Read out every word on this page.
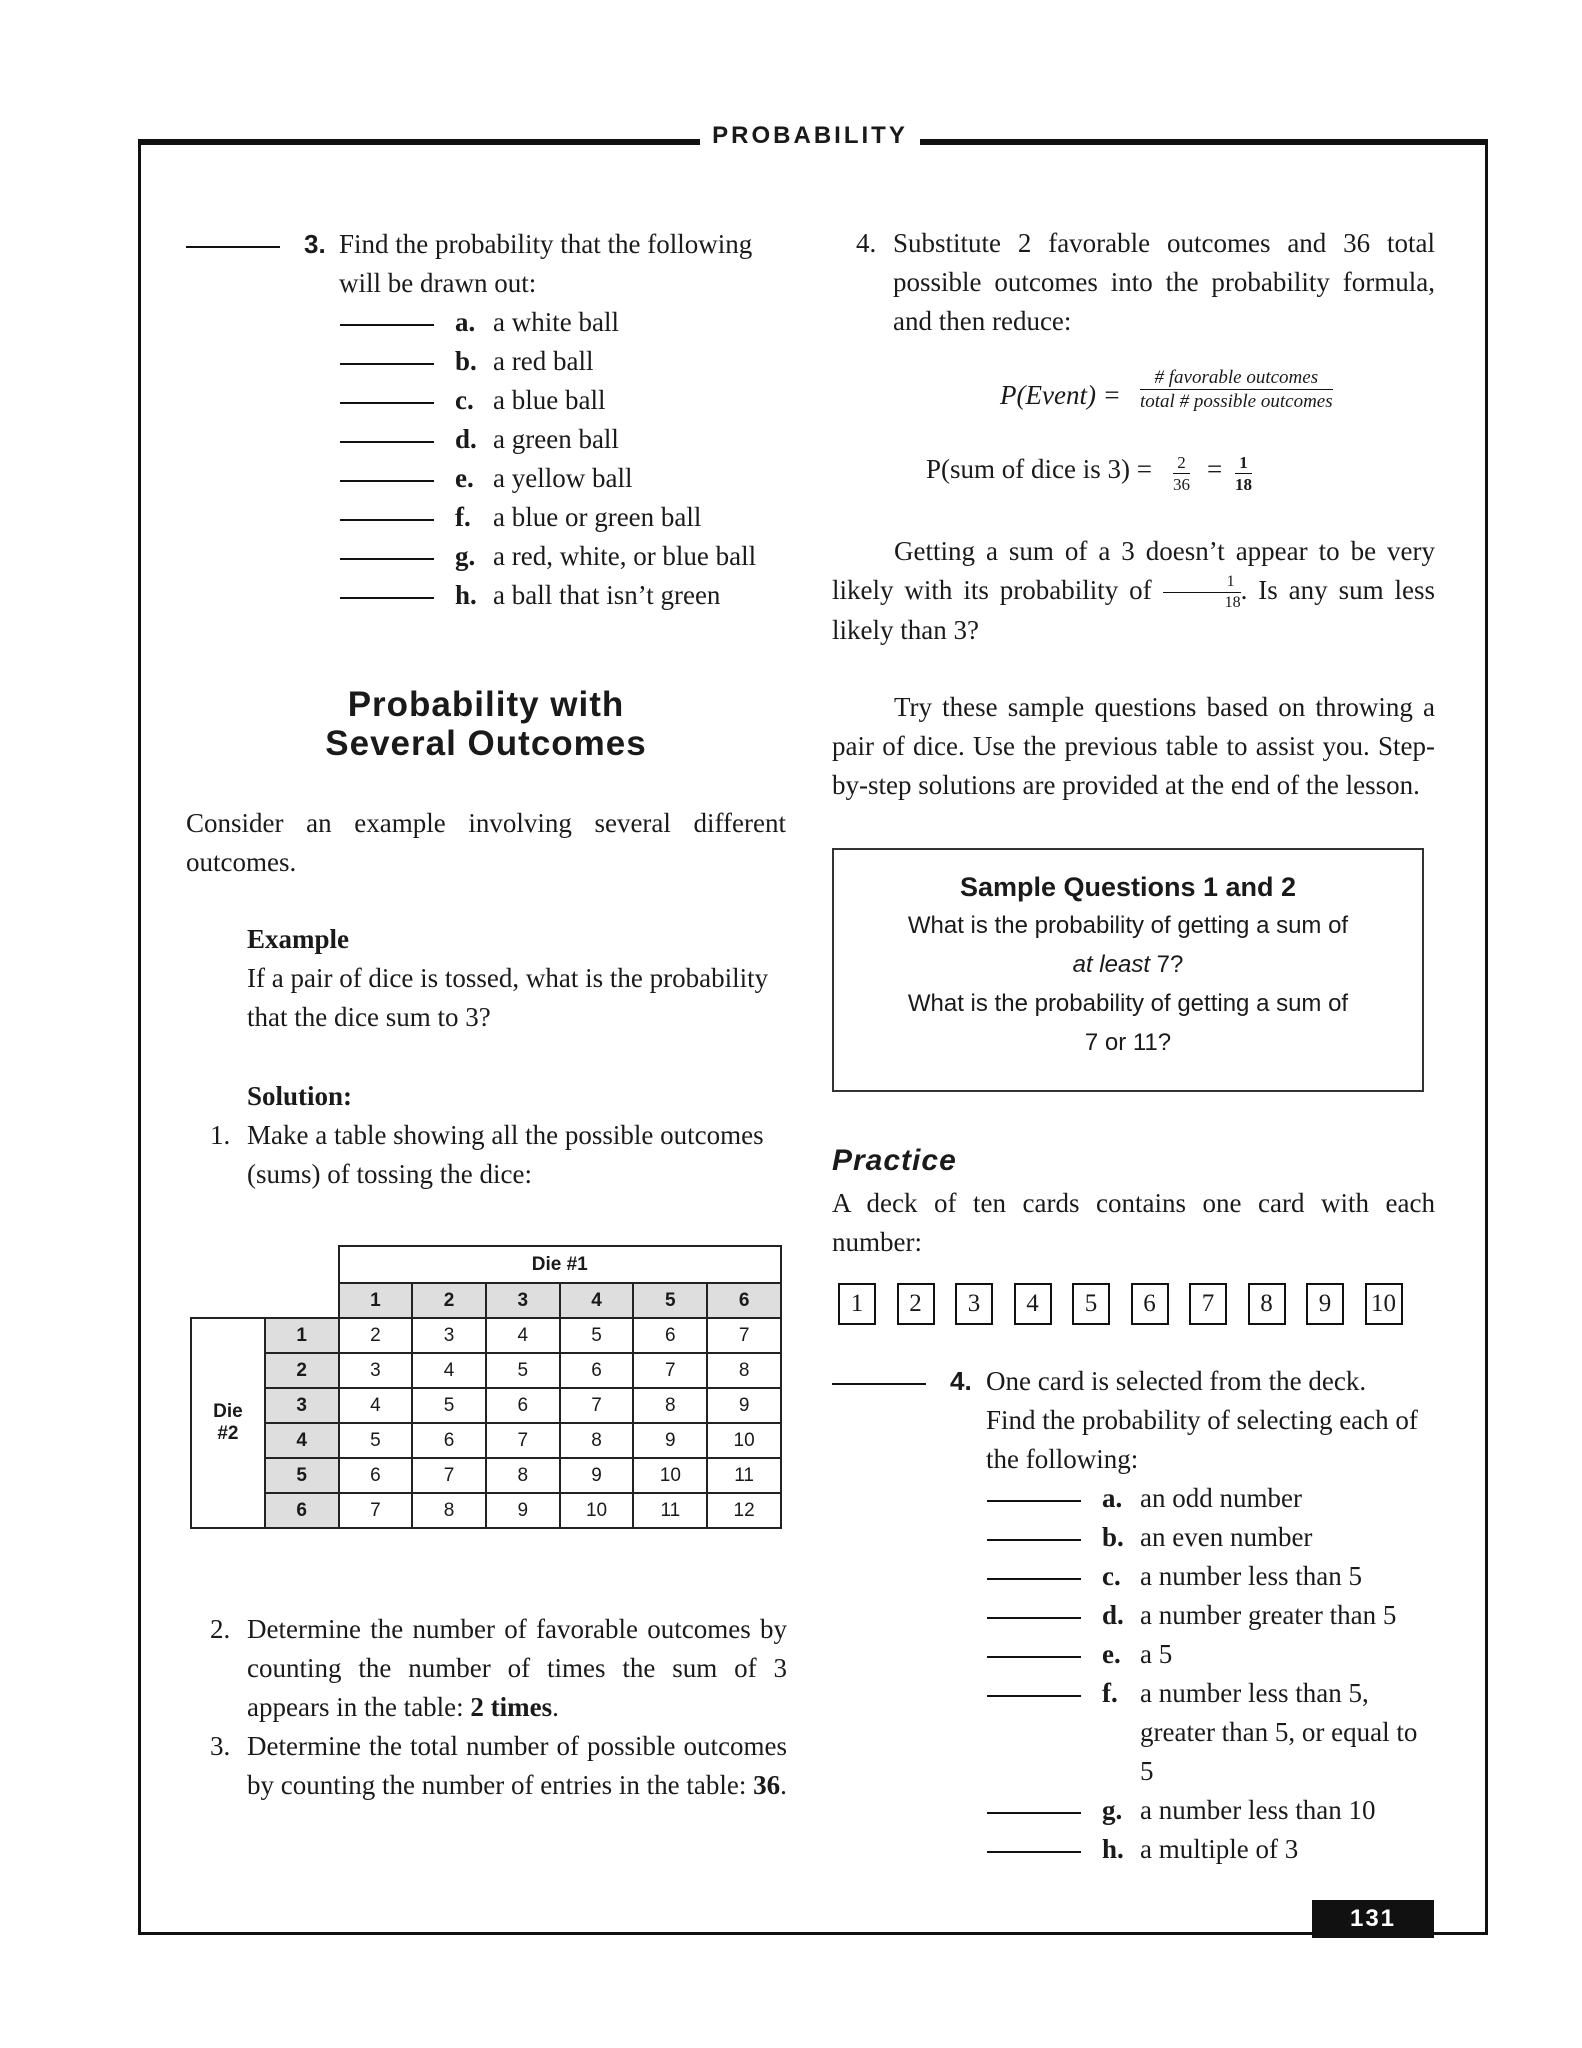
PROBABILITY
3. Find the probability that the following
will be drawn out:
a. a white ball
b. a red ball
c. a blue ball
d. a green ball
e. a yellow ball
f. a blue or green ball
g. a red, white, or blue ball
h. a ball that isn’t green
Probability with
Several Outcomes
Consider an example involving several different outcomes.
Example
If a pair of dice is tossed, what is the probability that the dice sum to 3?
Solution:
1. Make a table showing all the possible outcomes (sums) of tossing the dice:
		Die #1					
		1	2	3	4	5	6

Die
#2	1	2	3	4	5	6	7
	2	3	4	5	6	7	8
	3	4	5	6	7	8	9
	4	5	6	7	8	9	10
	5	6	7	8	9	10	11
	6	7	8	9	10	11	12
2. Determine the number of favorable outcomes by counting the number of times the sum of 3 appears in the table: 2 times.
3. Determine the total number of possible outcomes by counting the number of entries in the table: 36.
4. Substitute 2 favorable outcomes and 36 total possible outcomes into the probability formula, and then reduce:
P(Event) =
# favorable outcomes
total # possible outcomes
P(sum of dice is $3) = \frac{2}{36} = \frac{1}{18}$
Getting a sum of a 3 doesn’t appear to be very likely with its probability of $\frac{1}{18}$ . Is any sum less likely than 3?
Try these sample questions based on throwing a pair of dice. Use the previous table to assist you. Step-by-step solutions are provided at the end of the lesson.
Sample Questions 1 and 2
What is the probability of getting a sum of
at least 7?
What is the probability of getting a sum of
7 or 11?
Practice
A deck of ten cards contains one card with each number:
1	2	3	4	5	6	7	8	9	10
4. One card is selected from the deck.
Find the probability of selecting each of
the following:
a. an odd number
b. an even number
c. a number less than 5
d. a number greater than 5
e. a 5
f. a number less than 5,
greater than 5, or equal to
5
g. a number less than 10
h. a multiple of 3
131
